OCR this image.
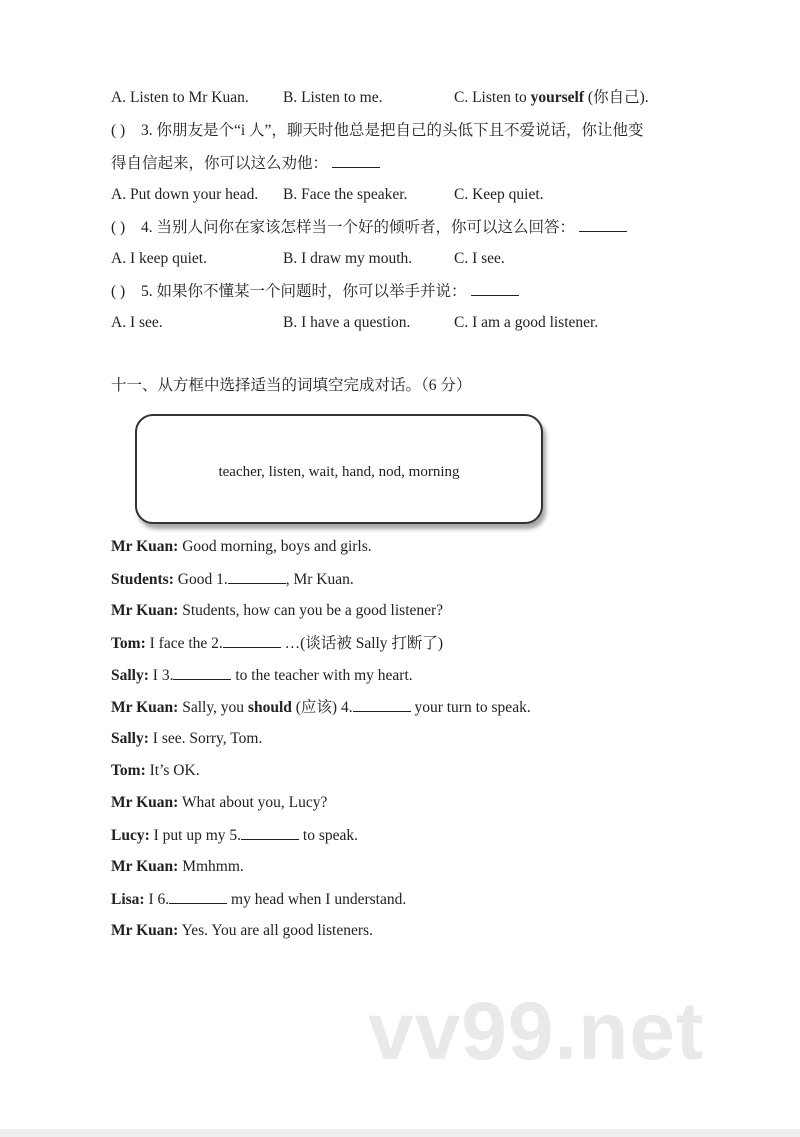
A. Listen to Mr Kuan. B. Listen to me.	C. Listen to yourself (你自己).
( ) 3. 你朋友是个“i 人”，聊天时他总是把自己的头低下且不爱说话，你让他变
得自信起来，你可以这么劝他：
A. Put down your head. B. Face the speaker.	C. Keep quiet.
( ) 4. 当别人问你在家该怎样当一个好的倾听者，你可以这么回答：
A. I keep quiet.	B. I draw my mouth.	C. I see.
( ) 5. 如果你不懂某一个问题时，你可以举手并说：
A. I see.	B. I have a question.	C. I am a good listener.
十一、从方框中选择适当的词填空完成对话。（6 分）
teacher, listen, wait, hand, nod, morning
Mr Kuan: Good morning, boys and girls.
Students: Good 1.	, Mr Kuan.
Mr Kuan: Students, how can you be a good listener?
Tom: I face the 2.	…(谈话被 Sally 打断了)
Sally: I 3.	to the teacher with my heart.
Mr Kuan: Sally, you should (应该) 4.	your turn to speak.
Sally: I see. Sorry, Tom.
Tom: It’s OK.
Mr Kuan: What about you, Lucy?
Lucy: I put up my 5.	to speak.
Mr Kuan: Mmhmm.
Lisa: I 6.	my head when I understand.
Mr Kuan: Yes. You are all good listeners.
vv99.net
